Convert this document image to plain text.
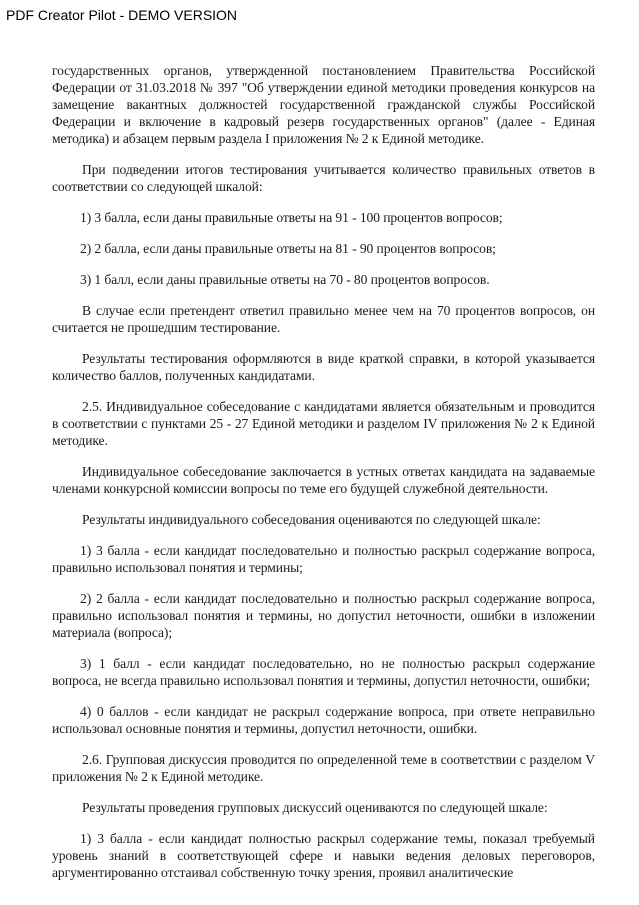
PDF Creator Pilot - DEMO VERSION

государственных органов, утвержденной постановлением Правительства Российской Федерации от 31.03.2018 № 397 "Об утверждении единой методики проведения конкурсов на замещение вакантных должностей государственной гражданской службы Российской Федерации и включение в кадровый резерв государственных органов" (далее - Единая методика) и абзацем первым раздела I приложения № 2 к Единой методике.

При подведении итогов тестирования учитывается количество правильных ответов в соответствии со следующей шкалой:

1) 3 балла, если даны правильные ответы на 91 - 100 процентов вопросов;

2) 2 балла, если даны правильные ответы на 81 - 90 процентов вопросов;

3) 1 балл, если даны правильные ответы на 70 - 80 процентов вопросов.

В случае если претендент ответил правильно менее чем на 70 процентов вопросов, он считается не прошедшим тестирование.

Результаты тестирования оформляются в виде краткой справки, в которой указывается количество баллов, полученных кандидатами.

2.5. Индивидуальное собеседование с кандидатами является обязательным и проводится в соответствии с пунктами 25 - 27 Единой методики и разделом IV приложения № 2 к Единой методике.

Индивидуальное собеседование заключается в устных ответах кандидата на задаваемые членами конкурсной комиссии вопросы по теме его будущей служебной деятельности.

Результаты индивидуального собеседования оцениваются по следующей шкале:

1) 3 балла - если кандидат последовательно и полностью раскрыл содержание вопроса, правильно использовал понятия и термины;

2) 2 балла - если кандидат последовательно и полностью раскрыл содержание вопроса, правильно использовал понятия и термины, но допустил неточности, ошибки в изложении материала (вопроса);

3) 1 балл - если кандидат последовательно, но не полностью раскрыл содержание вопроса, не всегда правильно использовал понятия и термины, допустил неточности, ошибки;

4) 0 баллов - если кандидат не раскрыл содержание вопроса, при ответе неправильно использовал основные понятия и термины, допустил неточности, ошибки.

2.6. Групповая дискуссия проводится по определенной теме в соответствии с разделом V приложения № 2 к Единой методике.

Результаты проведения групповых дискуссий оцениваются по следующей шкале:

1) 3 балла - если кандидат полностью раскрыл содержание темы, показал требуемый уровень знаний в соответствующей сфере и навыки ведения деловых переговоров, аргументированно отстаивал собственную точку зрения, проявил аналитические
